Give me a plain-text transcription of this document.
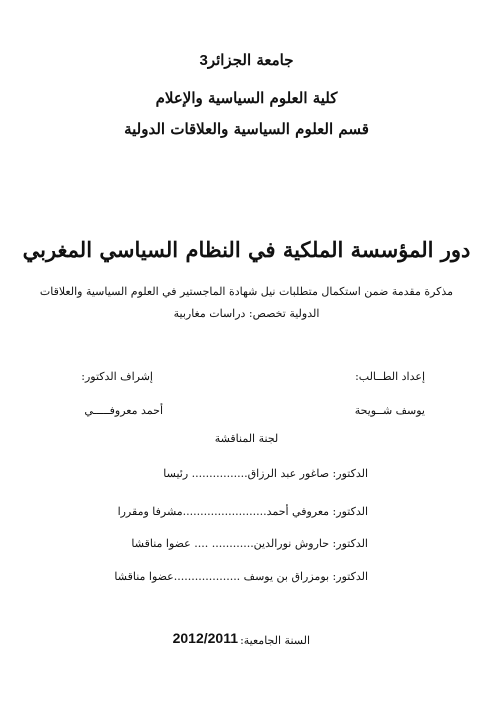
جامعة الجزائر3
كلية العلوم السياسية والإعلام
قسم العلوم السياسية والعلاقات الدولية
دور المؤسسة الملكية في النظام السياسي المغربي
مذكرة مقدمة ضمن استكمال متطلبات نيل شهادة الماجستير في العلوم السياسية والعلاقات
الدولية تخصص: دراسات مغاربية
إعداد الطــالب:
إشراف الدكتور:
يوسف شــويحة
أحمد معروفـــــي
لجنة المناقشة
الدكتور: صاغور عبد الرزاق................ رئيسا
الدكتور: معروفي أحمد........................مشرفا ومقررا
الدكتور: حاروش نورالدين............ .... عضوا مناقشا
الدكتور: بومزراق بن يوسف ...................عضوا مناقشا
السنة الجامعية:
2012/2011
